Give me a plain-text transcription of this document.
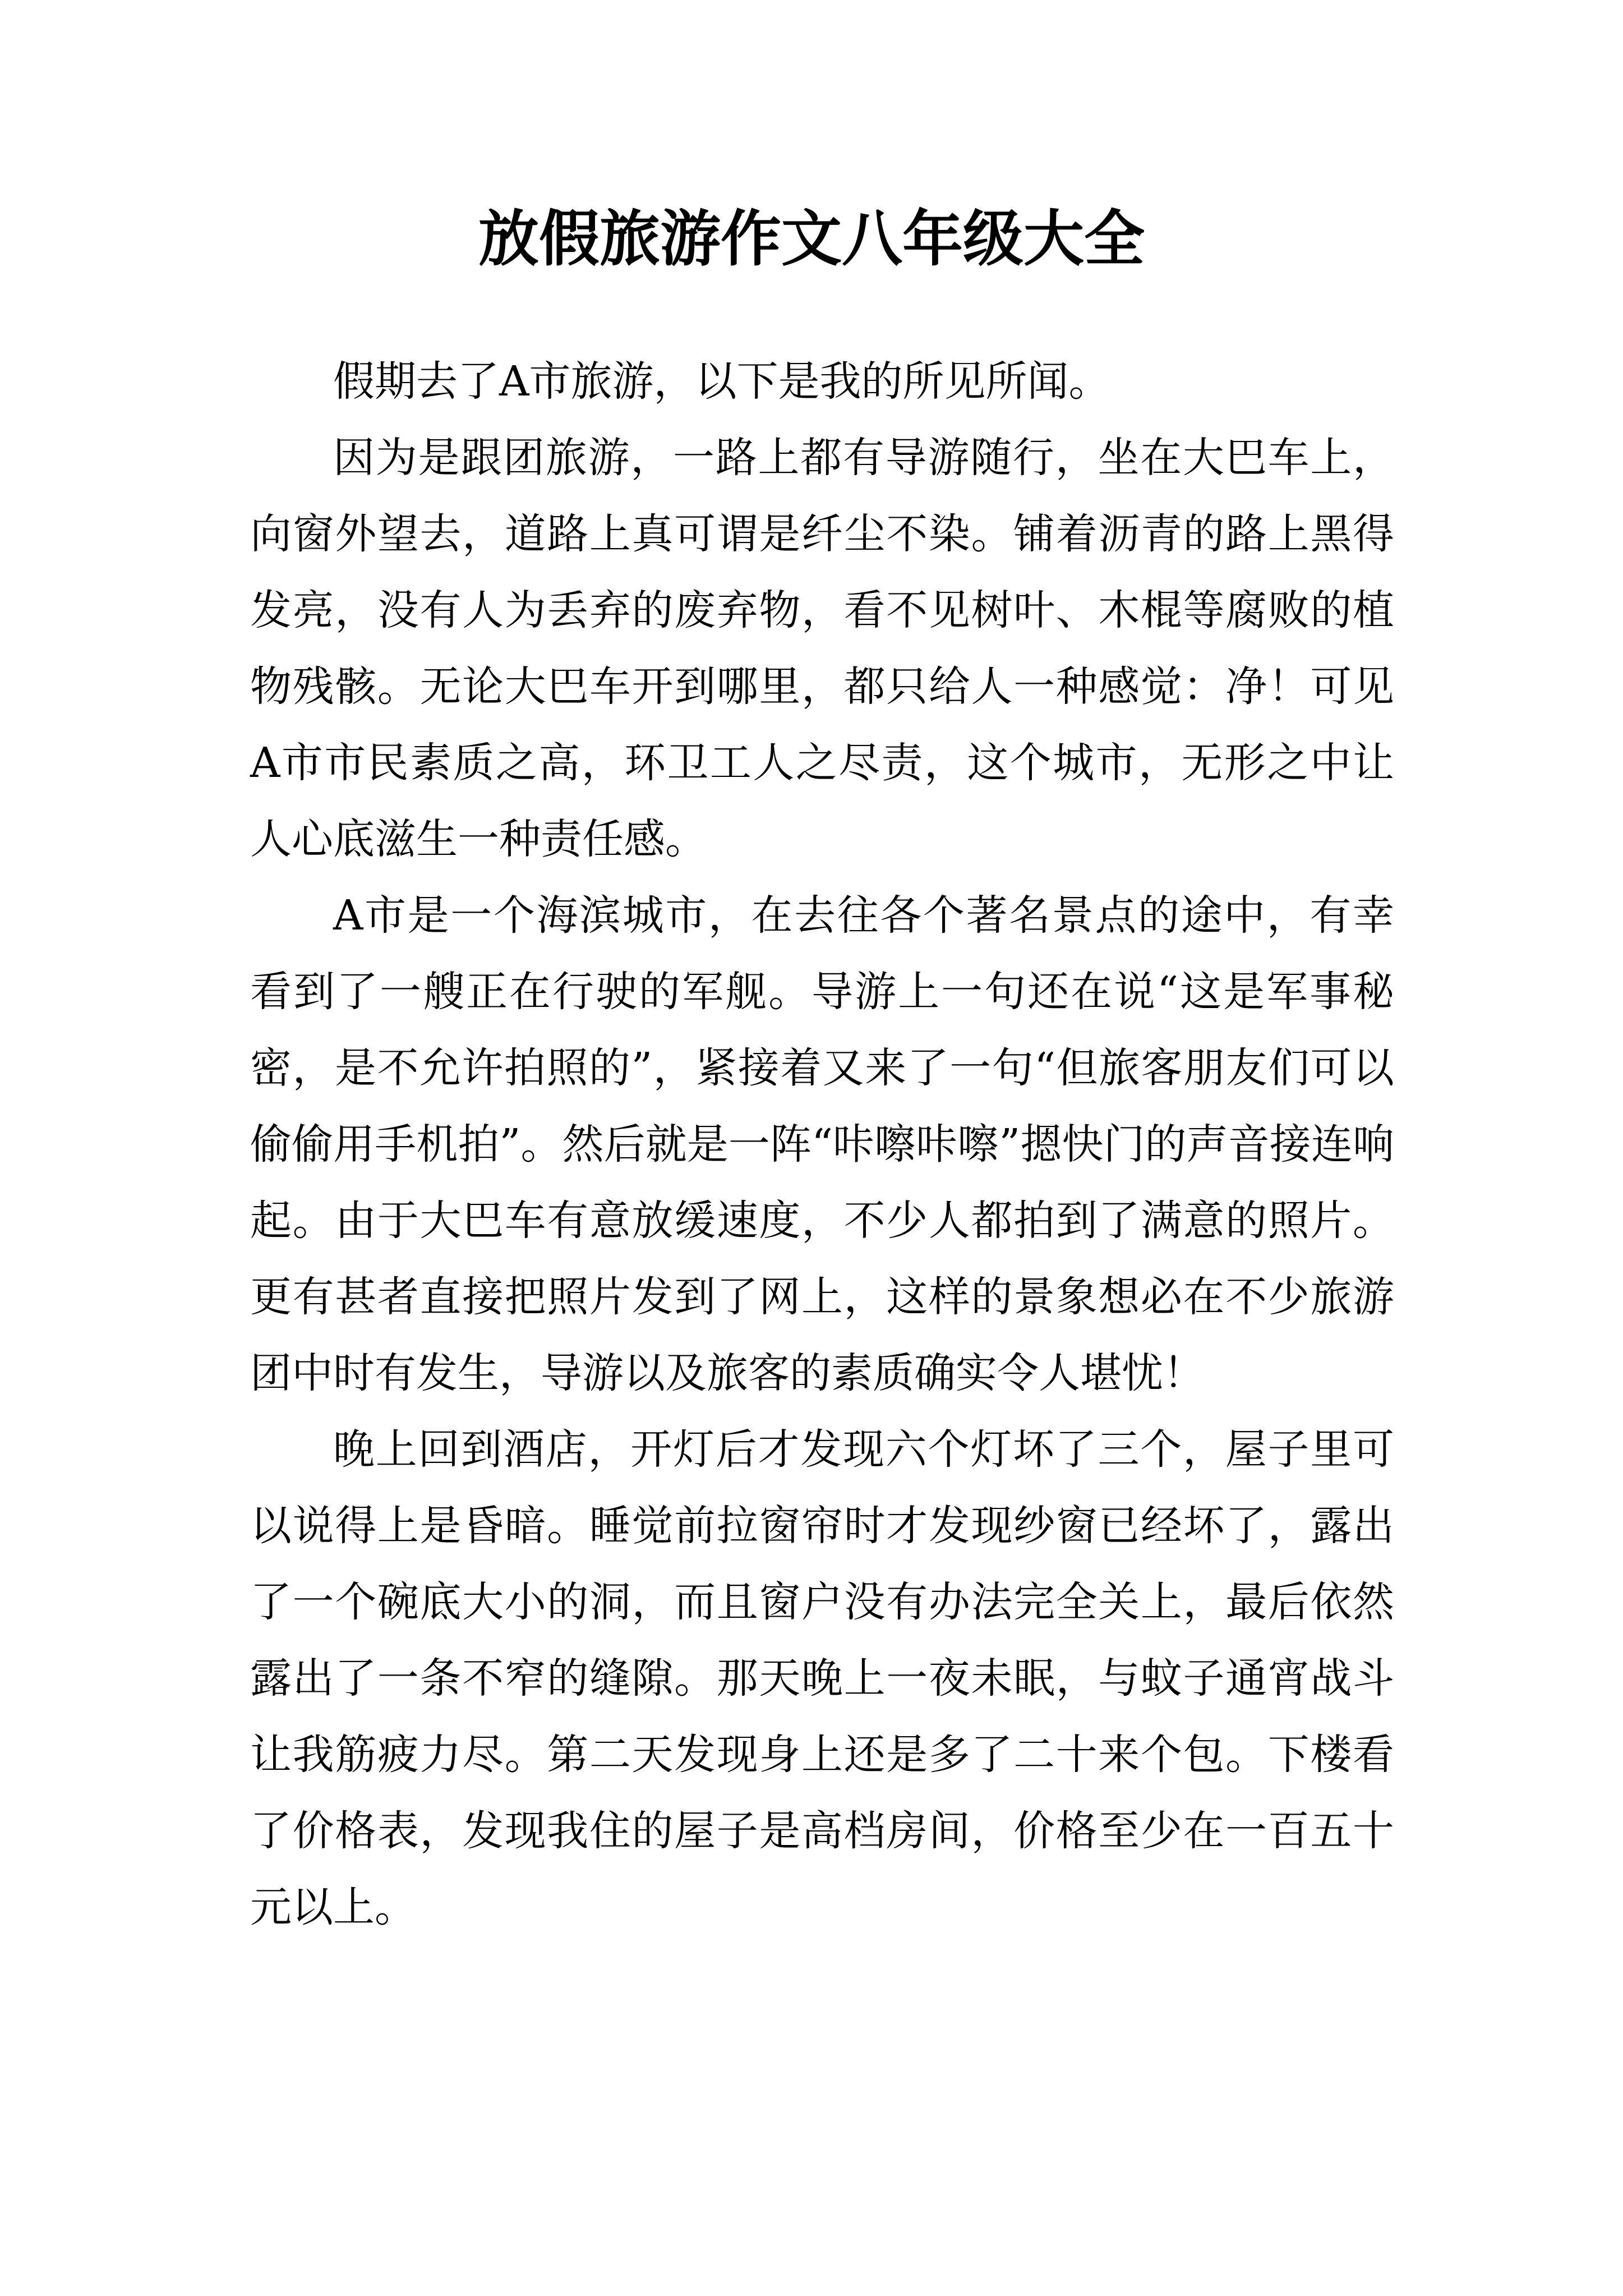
放假旅游作文八年级大全

假期去了A市旅游，以下是我的所见所闻。

因为是跟团旅游，一路上都有导游随行，坐在大巴车上，向窗外望去，道路上真可谓是纤尘不染。铺着沥青的路上黑得发亮，没有人为丢弃的废弃物，看不见树叶、木棍等腐败的植物残骸。无论大巴车开到哪里，都只给人一种感觉：净！可见A市市民素质之高，环卫工人之尽责，这个城市，无形之中让人心底滋生一种责任感。

A市是一个海滨城市，在去往各个著名景点的途中，有幸看到了一艘正在行驶的军舰。导游上一句还在说“这是军事秘密，是不允许拍照的”，紧接着又来了一句“但旅客朋友们可以偷偷用手机拍”。然后就是一阵“咔嚓咔嚓”摁快门的声音接连响起。由于大巴车有意放缓速度，不少人都拍到了满意的照片。更有甚者直接把照片发到了网上，这样的景象想必在不少旅游团中时有发生，导游以及旅客的素质确实令人堪忧！

晚上回到酒店，开灯后才发现六个灯坏了三个，屋子里可以说得上是昏暗。睡觉前拉窗帘时才发现纱窗已经坏了，露出了一个碗底大小的洞，而且窗户没有办法完全关上，最后依然露出了一条不窄的缝隙。那天晚上一夜未眠，与蚊子通宵战斗让我筋疲力尽。第二天发现身上还是多了二十来个包。下楼看了价格表，发现我住的屋子是高档房间，价格至少在一百五十元以上。
